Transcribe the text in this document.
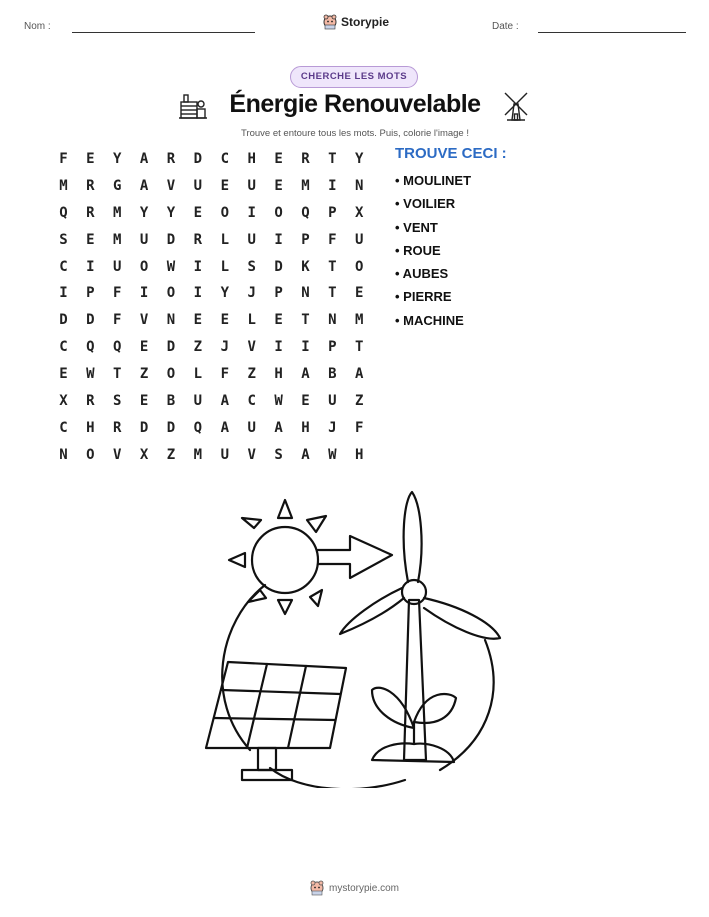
Nom :	Storypie	Date :
CHERCHE LES MOTS
Énergie Renouvelable
Trouve et entoure tous les mots. Puis, colorie l'image !
F	E	Y	A	R	D	C	H	E	R	T	Y
M	R	G	A	V	U	E	U	E	M	I	N
Q	R	M	Y	Y	E	O	I	O	Q	P	X
S	E	M	U	D	R	L	U	I	P	F	U
C	I	U	O	W	I	L	S	D	K	T	O
I	P	F	I	O	I	Y	J	P	N	T	E
D	D	F	V	N	E	E	L	E	T	N	M
C	Q	Q	E	D	Z	J	V	I	I	P	T
E	W	T	Z	O	L	F	Z	H	A	B	A
X	R	S	E	B	U	A	C	W	E	U	Z
C	H	R	D	D	Q	A	U	A	H	J	F
N	O	V	X	Z	M	U	V	S	A	W	H
TROUVE CECI :
• MOULINET
• VOILIER
• VENT
• ROUE
• AUBES
• PIERRE
• MACHINE
mystorypie.com
